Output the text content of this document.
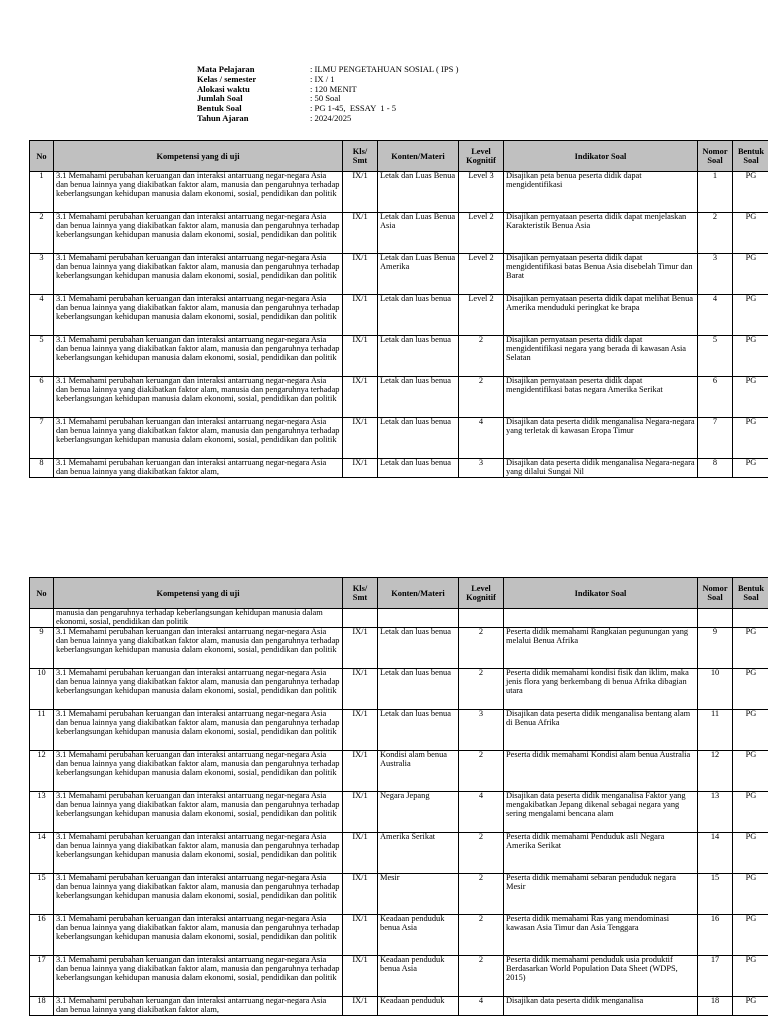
Mata Pelajaran	: ILMU PENGETAHUAN SOSIAL ( IPS )
Kelas / semester	: IX / 1
Alokasi waktu	: 120 MENIT
Jumlah Soal	: 50 Soal
Bentuk Soal	: PG 1-45,  ESSAY  1 - 5
Tahun Ajaran	: 2024/2025
No	Kompetensi yang di uji	Kls/ Smt	Konten/Materi	Level Kognitif	Indikator Soal	Nomor Soal	Bentuk Soal
1	3.1 Memahami perubahan keruangan dan interaksi antarruang negar-negara Asia dan benua lainnya yang diakibatkan faktor alam, manusia dan pengaruhnya terhadap keberlangsungan kehidupan manusia dalam ekonomi, sosial, pendidikan dan politik	IX/1	Letak dan Luas Benua	Level 3	Disajikan peta benua peserta didik dapat mengidentifikasi	1	PG
2	3.1 Memahami perubahan keruangan dan interaksi antarruang negar-negara Asia dan benua lainnya yang diakibatkan faktor alam, manusia dan pengaruhnya terhadap keberlangsungan kehidupan manusia dalam ekonomi, sosial, pendidikan dan politik	IX/1	Letak dan Luas Benua Asia	Level 2	Disajikan pernyataan peserta didik dapat menjelaskan Karakteristik Benua Asia	2	PG
3	3.1 Memahami perubahan keruangan dan interaksi antarruang negar-negara Asia dan benua lainnya yang diakibatkan faktor alam, manusia dan pengaruhnya terhadap keberlangsungan kehidupan manusia dalam ekonomi, sosial, pendidikan dan politik	IX/1	Letak dan Luas Benua Amerika	Level 2	Disajikan pernyataan peserta didik dapat mengidentifikasi batas Benua Asia disebelah Timur dan Barat	3	PG
4	3.1 Memahami perubahan keruangan dan interaksi antarruang negar-negara Asia dan benua lainnya yang diakibatkan faktor alam, manusia dan pengaruhnya terhadap keberlangsungan kehidupan manusia dalam ekonomi, sosial, pendidikan dan politik	IX/1	Letak dan luas benua	Level 2	Disajikan pernyataan peserta didik dapat melihat Benua Amerika menduduki peringkat ke brapa	4	PG
5	3.1 Memahami perubahan keruangan dan interaksi antarruang negar-negara Asia dan benua lainnya yang diakibatkan faktor alam, manusia dan pengaruhnya terhadap keberlangsungan kehidupan manusia dalam ekonomi, sosial, pendidikan dan politik	IX/1	Letak dan luas benua	2	Disajikan pernyataan peserta didik dapat mengidentifikasi negara yang berada di kawasan Asia Selatan	5	PG
6	3.1 Memahami perubahan keruangan dan interaksi antarruang negar-negara Asia dan benua lainnya yang diakibatkan faktor alam, manusia dan pengaruhnya terhadap keberlangsungan kehidupan manusia dalam ekonomi, sosial, pendidikan dan politik	IX/1	Letak dan luas benua	2	Disajikan pernyataan peserta didik dapat mengidentifikasi batas negara Amerika Serikat	6	PG
7	3.1 Memahami perubahan keruangan dan interaksi antarruang negar-negara Asia dan benua lainnya yang diakibatkan faktor alam, manusia dan pengaruhnya terhadap keberlangsungan kehidupan manusia dalam ekonomi, sosial, pendidikan dan politik	IX/1	Letak dan luas benua	4	Disajikan data peserta didik menganalisa Negara-negara yang terletak di kawasan Eropa Timur	7	PG
8	3.1 Memahami perubahan keruangan dan interaksi antarruang negar-negara Asia dan benua lainnya yang diakibatkan faktor alam,	IX/1	Letak dan luas benua	3	Disajikan data peserta didik menganalisa Negara-negara yang dilalui Sungai Nil	8	PG
No	Kompetensi yang di uji	Kls/ Smt	Konten/Materi	Level Kognitif	Indikator Soal	Nomor Soal	Bentuk Soal
	manusia dan pengaruhnya terhadap keberlangsungan kehidupan manusia dalam ekonomi, sosial, pendidikan dan politik						
9	3.1 Memahami perubahan keruangan dan interaksi antarruang negar-negara Asia dan benua lainnya yang diakibatkan faktor alam, manusia dan pengaruhnya terhadap keberlangsungan kehidupan manusia dalam ekonomi, sosial, pendidikan dan politik	IX/1	Letak dan luas benua	2	Peserta didik memahami Rangkaian pegunungan yang melalui Benua Afrika	9	PG
10	3.1 Memahami perubahan keruangan dan interaksi antarruang negar-negara Asia dan benua lainnya yang diakibatkan faktor alam, manusia dan pengaruhnya terhadap keberlangsungan kehidupan manusia dalam ekonomi, sosial, pendidikan dan politik	IX/1	Letak dan luas benua	2	Peserta didik memahami kondisi fisik dan iklim, maka jenis flora yang berkembang di benua Afrika dibagian utara	10	PG
11	3.1 Memahami perubahan keruangan dan interaksi antarruang negar-negara Asia dan benua lainnya yang diakibatkan faktor alam, manusia dan pengaruhnya terhadap keberlangsungan kehidupan manusia dalam ekonomi, sosial, pendidikan dan politik	IX/1	Letak dan luas benua	3	Disajikan data peserta didik menganalisa bentang alam di Benua Afrika	11	PG
12	3.1 Memahami perubahan keruangan dan interaksi antarruang negar-negara Asia dan benua lainnya yang diakibatkan faktor alam, manusia dan pengaruhnya terhadap keberlangsungan kehidupan manusia dalam ekonomi, sosial, pendidikan dan politik	IX/1	Kondisi alam benua Australia	2	Peserta didik memahami Kondisi alam benua Australia	12	PG
13	3.1 Memahami perubahan keruangan dan interaksi antarruang negar-negara Asia dan benua lainnya yang diakibatkan faktor alam, manusia dan pengaruhnya terhadap keberlangsungan kehidupan manusia dalam ekonomi, sosial, pendidikan dan politik	IX/1	Negara Jepang	4	Disajikan data peserta didik menganalisa Faktor yang mengakibatkan Jepang dikenal sebagai negara yang sering mengalami bencana alam	13	PG
14	3.1 Memahami perubahan keruangan dan interaksi antarruang negar-negara Asia dan benua lainnya yang diakibatkan faktor alam, manusia dan pengaruhnya terhadap keberlangsungan kehidupan manusia dalam ekonomi, sosial, pendidikan dan politik	IX/1	Amerika Serikat	2	Peserta didik memahami Penduduk asli Negara Amerika Serikat	14	PG
15	3.1 Memahami perubahan keruangan dan interaksi antarruang negar-negara Asia dan benua lainnya yang diakibatkan faktor alam, manusia dan pengaruhnya terhadap keberlangsungan kehidupan manusia dalam ekonomi, sosial, pendidikan dan politik	IX/1	Mesir	2	Peserta didik memahami sebaran penduduk negara Mesir	15	PG
16	3.1 Memahami perubahan keruangan dan interaksi antarruang negar-negara Asia dan benua lainnya yang diakibatkan faktor alam, manusia dan pengaruhnya terhadap keberlangsungan kehidupan manusia dalam ekonomi, sosial, pendidikan dan politik	IX/1	Keadaan penduduk benua Asia	2	Peserta didik memahami Ras yang mendominasi kawasan Asia Timur dan Asia Tenggara	16	PG
17	3.1 Memahami perubahan keruangan dan interaksi antarruang negar-negara Asia dan benua lainnya yang diakibatkan faktor alam, manusia dan pengaruhnya terhadap keberlangsungan kehidupan manusia dalam ekonomi, sosial, pendidikan dan politik	IX/1	Keadaan penduduk benua Asia	2	Peserta didik memahami penduduk usia produktif Berdasarkan World Population Data Sheet (WDPS, 2015)	17	PG
18	3.1 Memahami perubahan keruangan dan interaksi antarruang negar-negara Asia dan benua lainnya yang diakibatkan faktor alam,	IX/1	Keadaan penduduk	4	Disajikan data peserta didik menganalisa	18	PG
